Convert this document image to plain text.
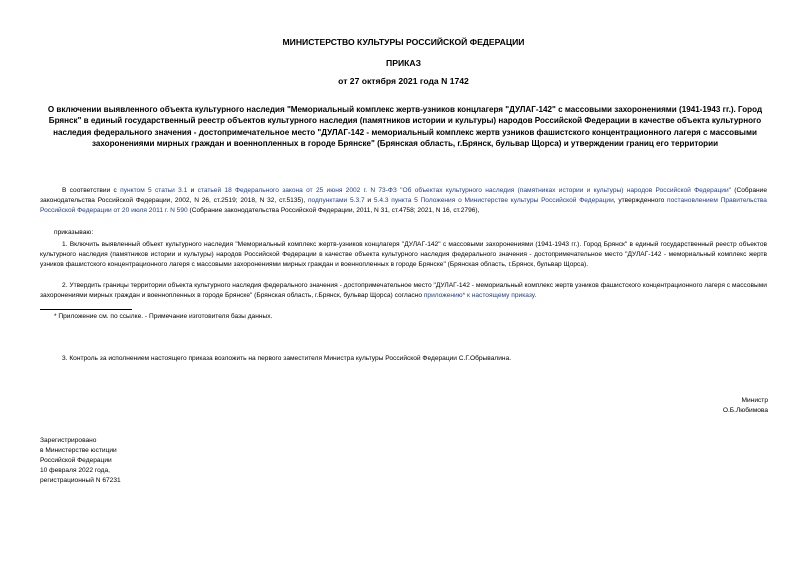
МИНИСТЕРСТВО КУЛЬТУРЫ РОССИЙСКОЙ ФЕДЕРАЦИИ
ПРИКАЗ
от 27 октября 2021 года N 1742
О включении выявленного объекта культурного наследия "Мемориальный комплекс жертв-узников концлагеря "ДУЛАГ-142" с массовыми захоронениями (1941-1943 гг.). Город Брянск" в единый государственный реестр объектов культурного наследия (памятников истории и культуры) народов Российской Федерации в качестве объекта культурного наследия федерального значения - достопримечательное место "ДУЛАГ-142 - мемориальный комплекс жертв узников фашистского концентрационного лагеря с массовыми захоронениями мирных граждан и военнопленных в городе Брянске" (Брянская область, г.Брянск, бульвар Щорса) и утверждении границ его территории
В соответствии с пунктом 5 статьи 3.1 и статьей 18 Федерального закона от 25 июня 2002 г. N 73-ФЗ "Об объектах культурного наследия (памятниках истории и культуры) народов Российской Федерации" (Собрание законодательства Российской Федерации, 2002, N 26, ст.2519; 2018, N 32, ст.5135), подпунктами 5.3.7 и 5.4.3 пункта 5 Положения о Министерстве культуры Российской Федерации, утвержденного постановлением Правительства Российской Федерации от 20 июля 2011 г. N 590 (Собрание законодательства Российской Федерации, 2011, N 31, ст.4758; 2021, N 16, ст.2796),
приказываю:
1. Включить выявленный объект культурного наследия "Мемориальный комплекс жертв-узников концлагеря "ДУЛАГ-142" с массовыми захоронениями (1941-1943 гг.). Город Брянск" в единый государственный реестр объектов культурного наследия (памятников истории и культуры) народов Российской Федерации в качестве объекта культурного наследия федерального значения - достопримечательное место "ДУЛАГ-142 - мемориальный комплекс жертв узников фашистского концентрационного лагеря с массовыми захоронениями мирных граждан и военнопленных в городе Брянске" (Брянская область, г.Брянск, бульвар Щорса).
2. Утвердить границы территории объекта культурного наследия федерального значения - достопримечательное место "ДУЛАГ-142 - мемориальный комплекс жертв узников фашистского концентрационного лагеря с массовыми захоронениями мирных граждан и военнопленных в городе Брянске" (Брянская область, г.Брянск, бульвар Щорса) согласно приложению* к настоящему приказу.
* Приложение см. по ссылке. - Примечание изготовителя базы данных.
3. Контроль за исполнением настоящего приказа возложить на первого заместителя Министра культуры Российской Федерации С.Г.Обрывалина.
Министр
О.Б.Любимова
Зарегистрировано
в Министерстве юстиции
Российской Федерации
10 февраля 2022 года,
регистрационный N 67231
